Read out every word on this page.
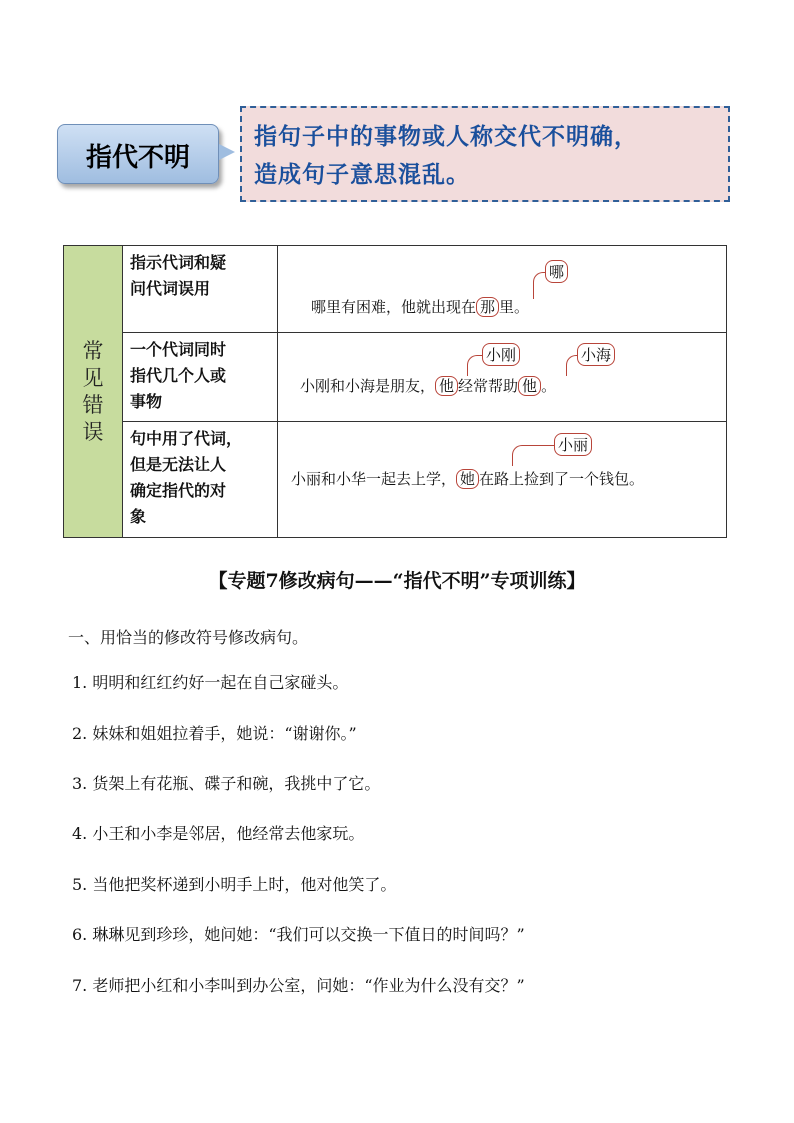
指代不明
指句子中的事物或人称交代不明确，
造成句子意思混乱。
常
见
错
误
指示代词和疑
问代词误用
哪
哪里有困难，他就出现在 那 里。
一个代词同时
指代几个人或
事物
小刚	小海
小刚和小海是朋友， 他 经常帮助 他 。
句中用了代词，
但是无法让人
确定指代的对
象
小丽
小丽和小华一起去上学， 她 在路上捡到了一个钱包。
【专题7修改病句——“指代不明”专项训练】
一、用恰当的修改符号修改病句。
1. 明明和红红约好一起在自己家碰头。
2. 妹妹和姐姐拉着手，她说：“谢谢你。”
3. 货架上有花瓶、碟子和碗，我挑中了它。
4. 小王和小李是邻居，他经常去他家玩。
5. 当他把奖杯递到小明手上时，他对他笑了。
6. 琳琳见到珍珍，她问她：“我们可以交换一下值日的时间吗？”
7. 老师把小红和小李叫到办公室，问她：“作业为什么没有交？”
